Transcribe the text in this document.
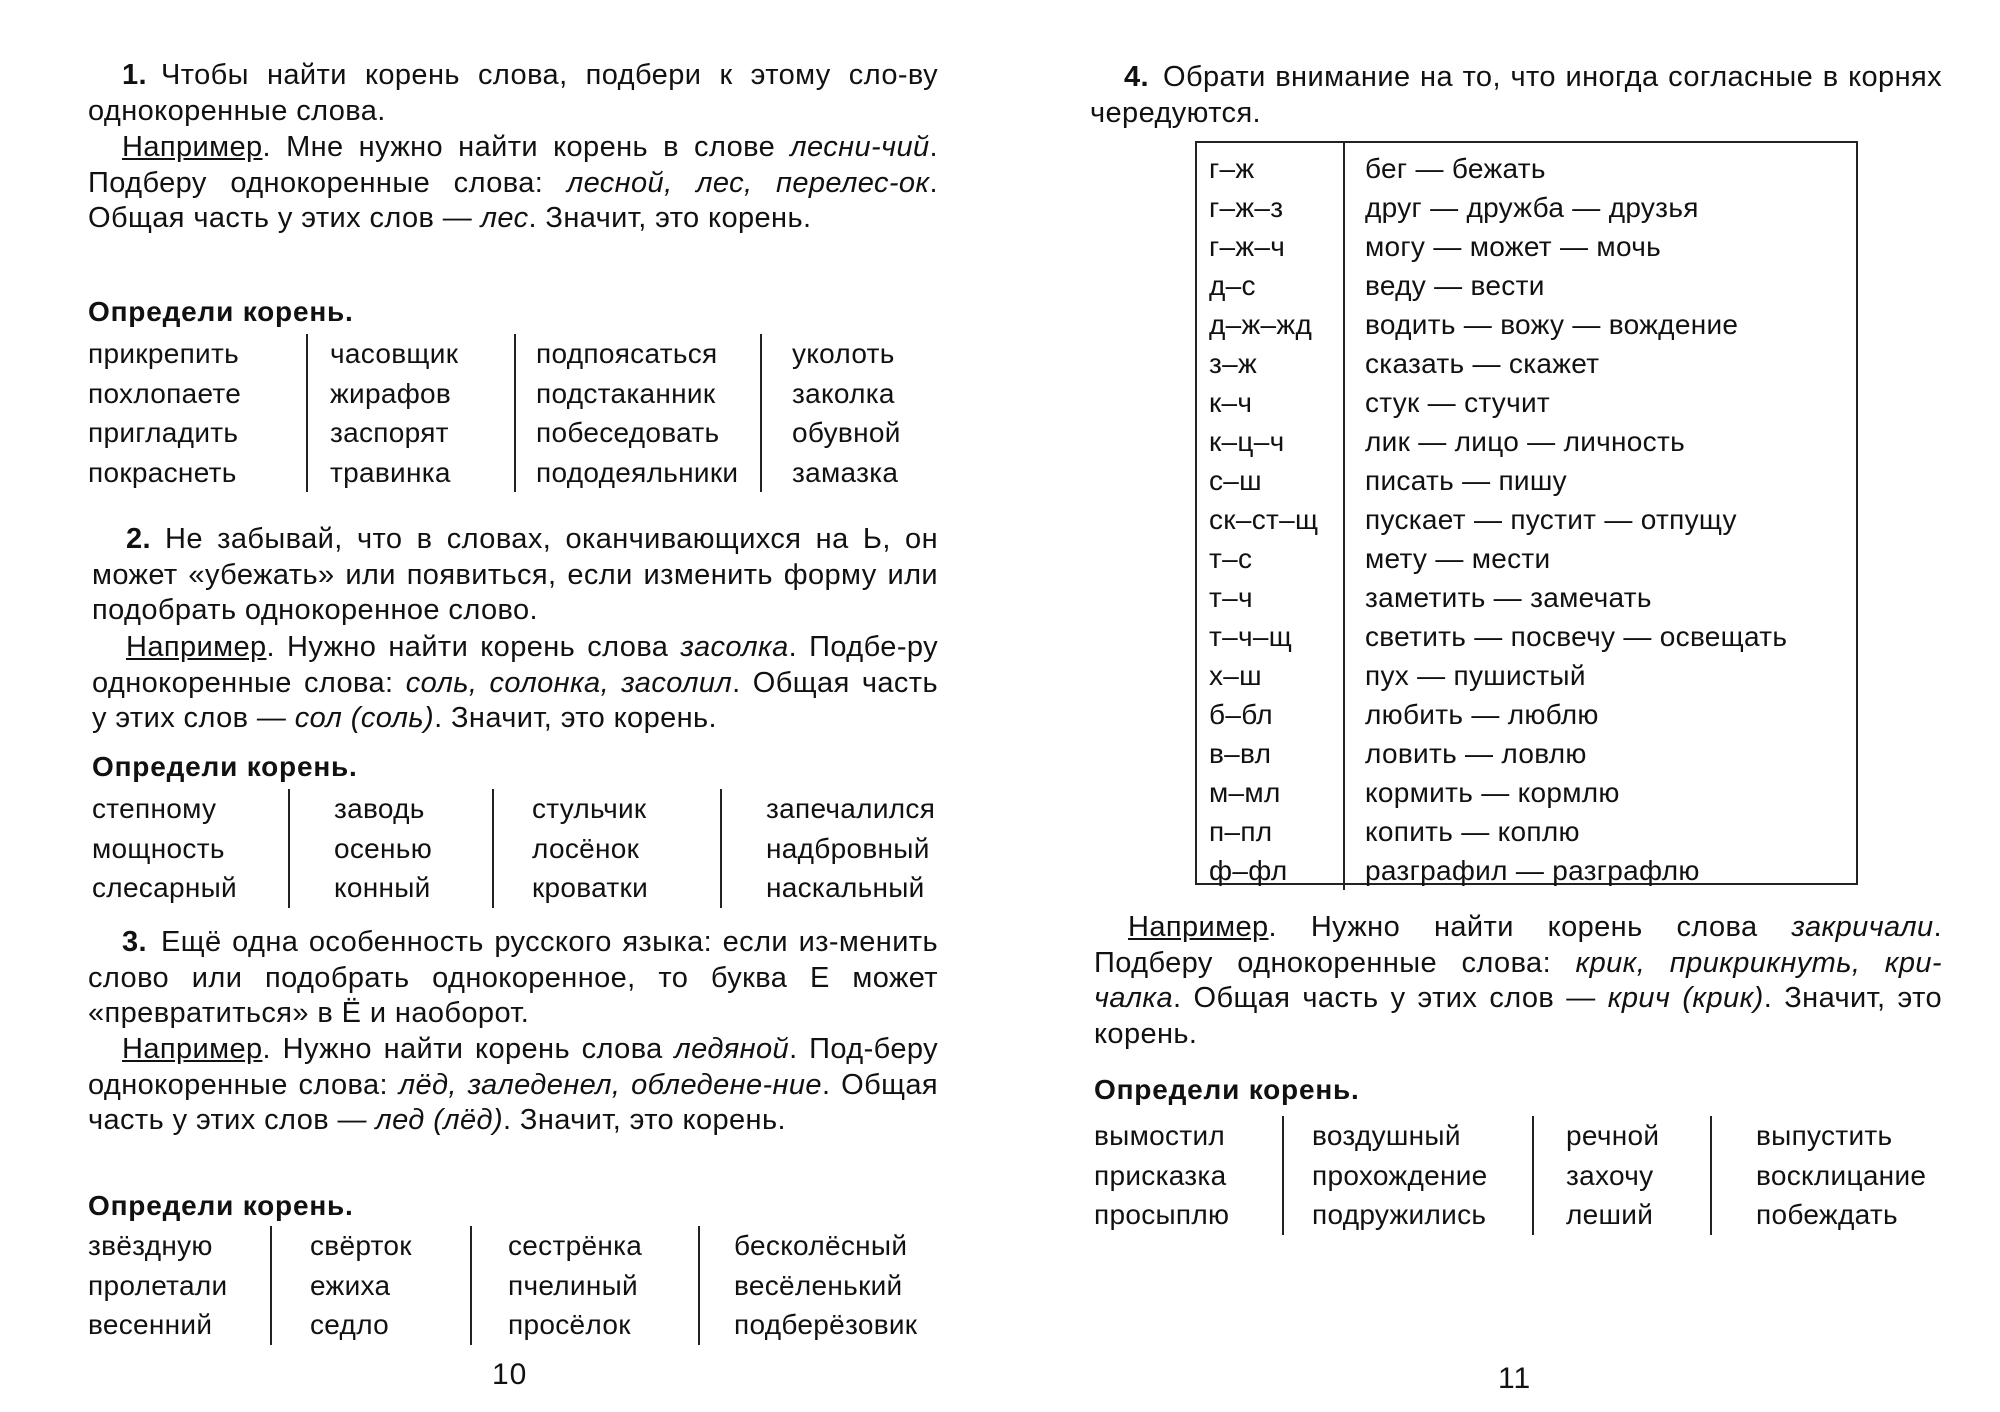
1. Чтобы найти корень слова, подбери к этому сло-ву однокоренные слова.

Например. Мне нужно найти корень в слове лесни-чий. Подберу однокоренные слова: лесной, лес, перелес-ок. Общая часть у этих слов — лес. Значит, это корень.

Определи корень.

прикрепить
похлопаете
пригладить
покраснеть
часовщик
жирафов
заспорят
травинка
подпоясаться
подстаканник
побеседовать
пододеяльники
уколоть
заколка
обувной
замазка

2. Не забывай, что в словах, оканчивающихся на Ь, он может «убежать» или появиться, если изменить форму или подобрать однокоренное слово.

Например. Нужно найти корень слова засолка. Подбе-ру однокоренные слова: соль, солонка, засолил. Общая часть у этих слов — сол (соль). Значит, это корень.

Определи корень.

степному
мощность
слесарный
заводь
осенью
конный
стульчик
лосёнок
кроватки
запечалился
надбровный
наскальный

3. Ещё одна особенность русского языка: если из-менить слово или подобрать однокоренное, то буква Е может «превратиться» в Ё и наоборот.

Например. Нужно найти корень слова ледяной. Под-беру однокоренные слова: лёд, заледенел, обледене-ние. Общая часть у этих слов — лед (лёд). Значит, это корень.

Определи корень.

звёздную
пролетали
весенний
свёрток
ежиха
седло
сестрёнка
пчелиный
просёлок
бесколёсный
весёленький
подберёзовик
10

4. Обрати внимание на то, что иногда согласные в корнях чередуются.

г–ж
г–ж–з
г–ж–ч
д–с
д–ж–жд
з–ж
к–ч
к–ц–ч
с–ш
ск–ст–щ
т–с
т–ч
т–ч–щ
х–ш
б–бл
в–вл
м–мл
п–пл
ф–фл
бег — бежать
друг — дружба — друзья
могу — может — мочь
веду — вести
водить — вожу — вождение
сказать — скажет
стук — стучит
лик — лицо — личность
писать — пишу
пускает — пустит — отпущу
мету — мести
заметить — замечать
светить — посвечу — освещать
пух — пушистый
любить — люблю
ловить — ловлю
кормить — кормлю
копить — коплю
разграфил — разграфлю

Например. Нужно найти корень слова закричали. Подберу однокоренные слова: крик, прикрикнуть, кри-чалка. Общая часть у этих слов — крич (крик). Значит, это корень.

Определи корень.

вымостил
присказка
просыплю
воздушный
прохождение
подружились
речной
захочу
леший
выпустить
восклицание
побеждать
11
